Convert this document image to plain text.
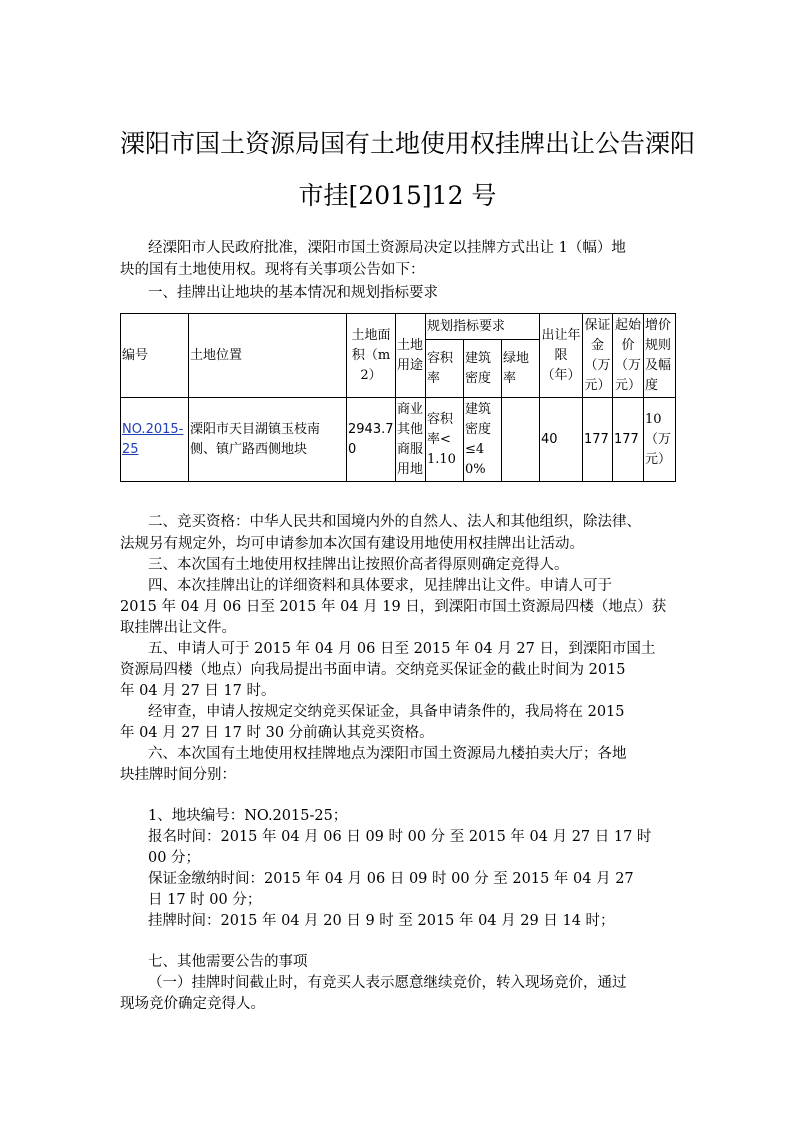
溧阳市国土资源局国有土地使用权挂牌出让公告溧阳
市挂[2015]12 号
经溧阳市人民政府批准，溧阳市国土资源局决定以挂牌方式出让 1（幅）地
块的国有土地使用权。现将有关事项公告如下：
一、挂牌出让地块的基本情况和规划指标要求
编号	土地位置	土地面积（m2）	土地用途	规划指标要求			出让年限（年）	保证金（万元）	起始价（万元）	增价规则及幅度
				容积率	建筑密度	绿地率				
NO.2015-25	溧阳市天目湖镇玉枝南侧、镇广路西侧地块	2943.70	商业其他商服用地	容积率<1.10	建筑密度≤40%		40	177	177	10（万元）
二、竞买资格：中华人民共和国境内外的自然人、法人和其他组织，除法律、
法规另有规定外，均可申请参加本次国有建设用地使用权挂牌出让活动。
三、本次国有土地使用权挂牌出让按照价高者得原则确定竞得人。
四、本次挂牌出让的详细资料和具体要求，见挂牌出让文件。申请人可于
2015 年 04 月 06 日至 2015 年 04 月 19 日，到溧阳市国土资源局四楼（地点）获
取挂牌出让文件。
五、申请人可于 2015 年 04 月 06 日至 2015 年 04 月 27 日，到溧阳市国土
资源局四楼（地点）向我局提出书面申请。交纳竞买保证金的截止时间为 2015
年 04 月 27 日 17 时。
经审查，申请人按规定交纳竞买保证金，具备申请条件的，我局将在 2015
年 04 月 27 日 17 时 30 分前确认其竞买资格。
六、本次国有土地使用权挂牌地点为溧阳市国土资源局九楼拍卖大厅；各地
块挂牌时间分别：
1、地块编号：NO.2015-25；
报名时间：2015 年 04 月 06 日 09 时 00 分 至 2015 年 04 月 27 日 17 时
00 分；
保证金缴纳时间：2015 年 04 月 06 日 09 时 00 分 至 2015 年 04 月 27
日 17 时 00 分；
挂牌时间：2015 年 04 月 20 日 9 时 至 2015 年 04 月 29 日 14 时；
七、其他需要公告的事项
（一）挂牌时间截止时，有竞买人表示愿意继续竞价，转入现场竞价，通过
现场竞价确定竞得人。
